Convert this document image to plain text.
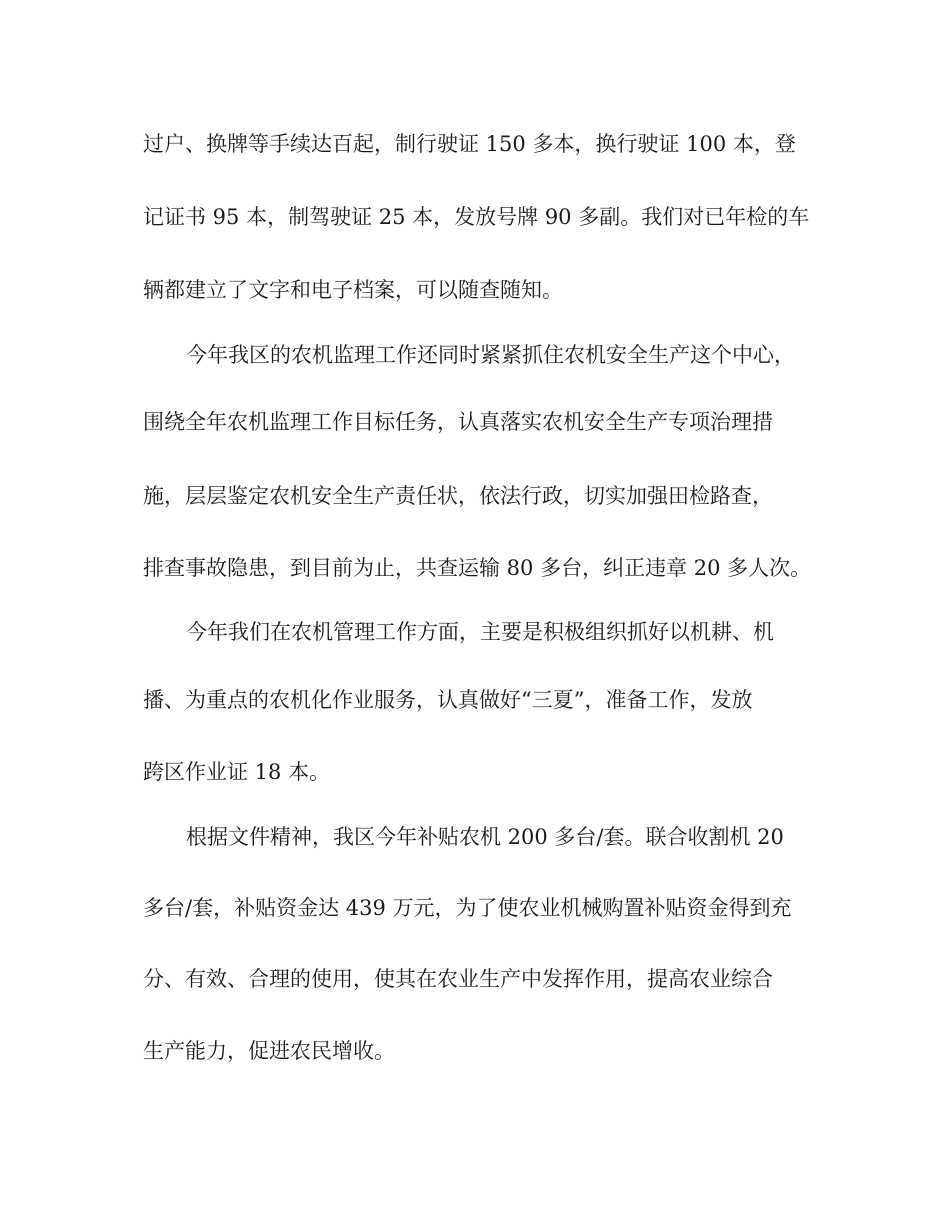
过户、换牌等手续达百起，制行驶证 150 多本，换行驶证 100 本，登

记证书 95 本，制驾驶证 25 本，发放号牌 90 多副。我们对已年检的车

辆都建立了文字和电子档案，可以随查随知。

今年我区的农机监理工作还同时紧紧抓住农机安全生产这个中心，

围绕全年农机监理工作目标任务，认真落实农机安全生产专项治理措

施，层层鉴定农机安全生产责任状，依法行政，切实加强田检路查，

排查事故隐患，到目前为止，共查运输 80 多台，纠正违章 20 多人次。

今年我们在农机管理工作方面，主要是积极组织抓好以机耕、机

播、为重点的农机化作业服务，认真做好“三夏”，准备工作，发放

跨区作业证 18 本。

根据文件精神，我区今年补贴农机 200 多台/套。联合收割机 20

多台/套，补贴资金达 439 万元，为了使农业机械购置补贴资金得到充

分、有效、合理的使用，使其在农业生产中发挥作用，提高农业综合

生产能力，促进农民增收。
